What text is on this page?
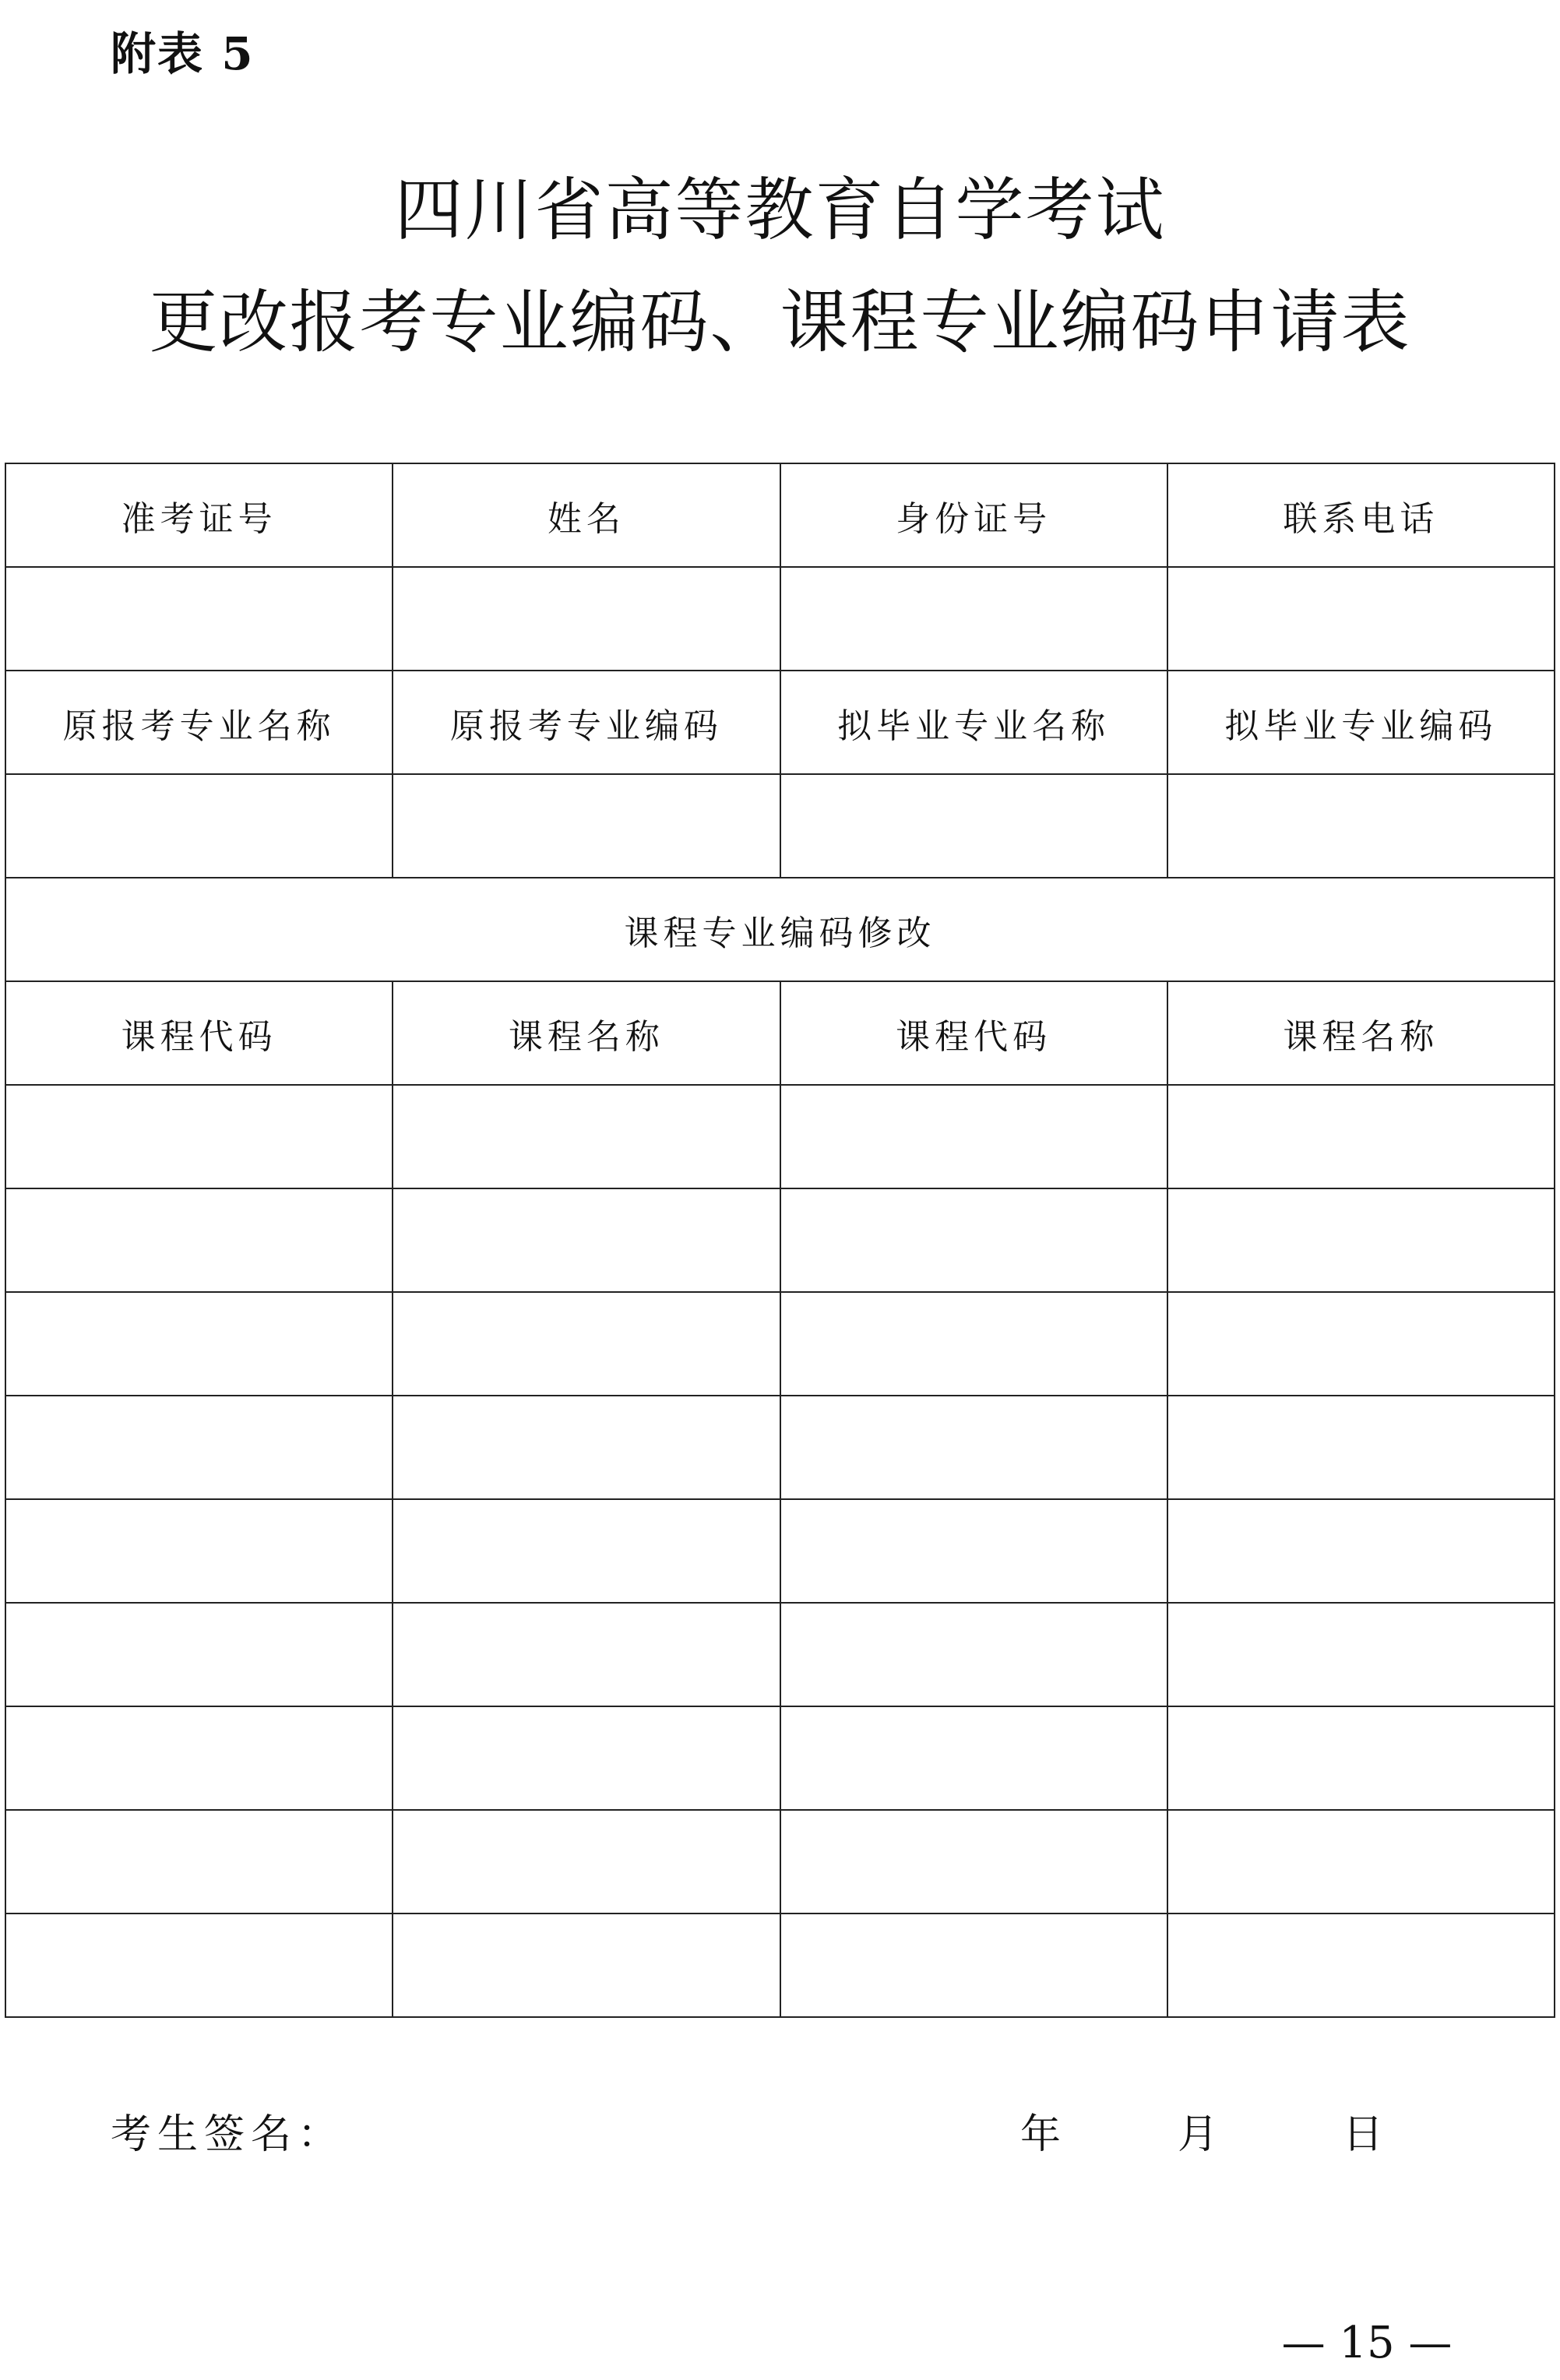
附表 5
四川省高等教育自学考试
更改报考专业编码、课程专业编码申请表
准考证号	姓名	身份证号	联系电话

原报考专业名称	原报考专业编码	拟毕业专业名称	拟毕业专业编码

课程专业编码修改			
课程代码	课程名称	课程代码	课程名称

考生签名：	年	月	日
— 15 —
